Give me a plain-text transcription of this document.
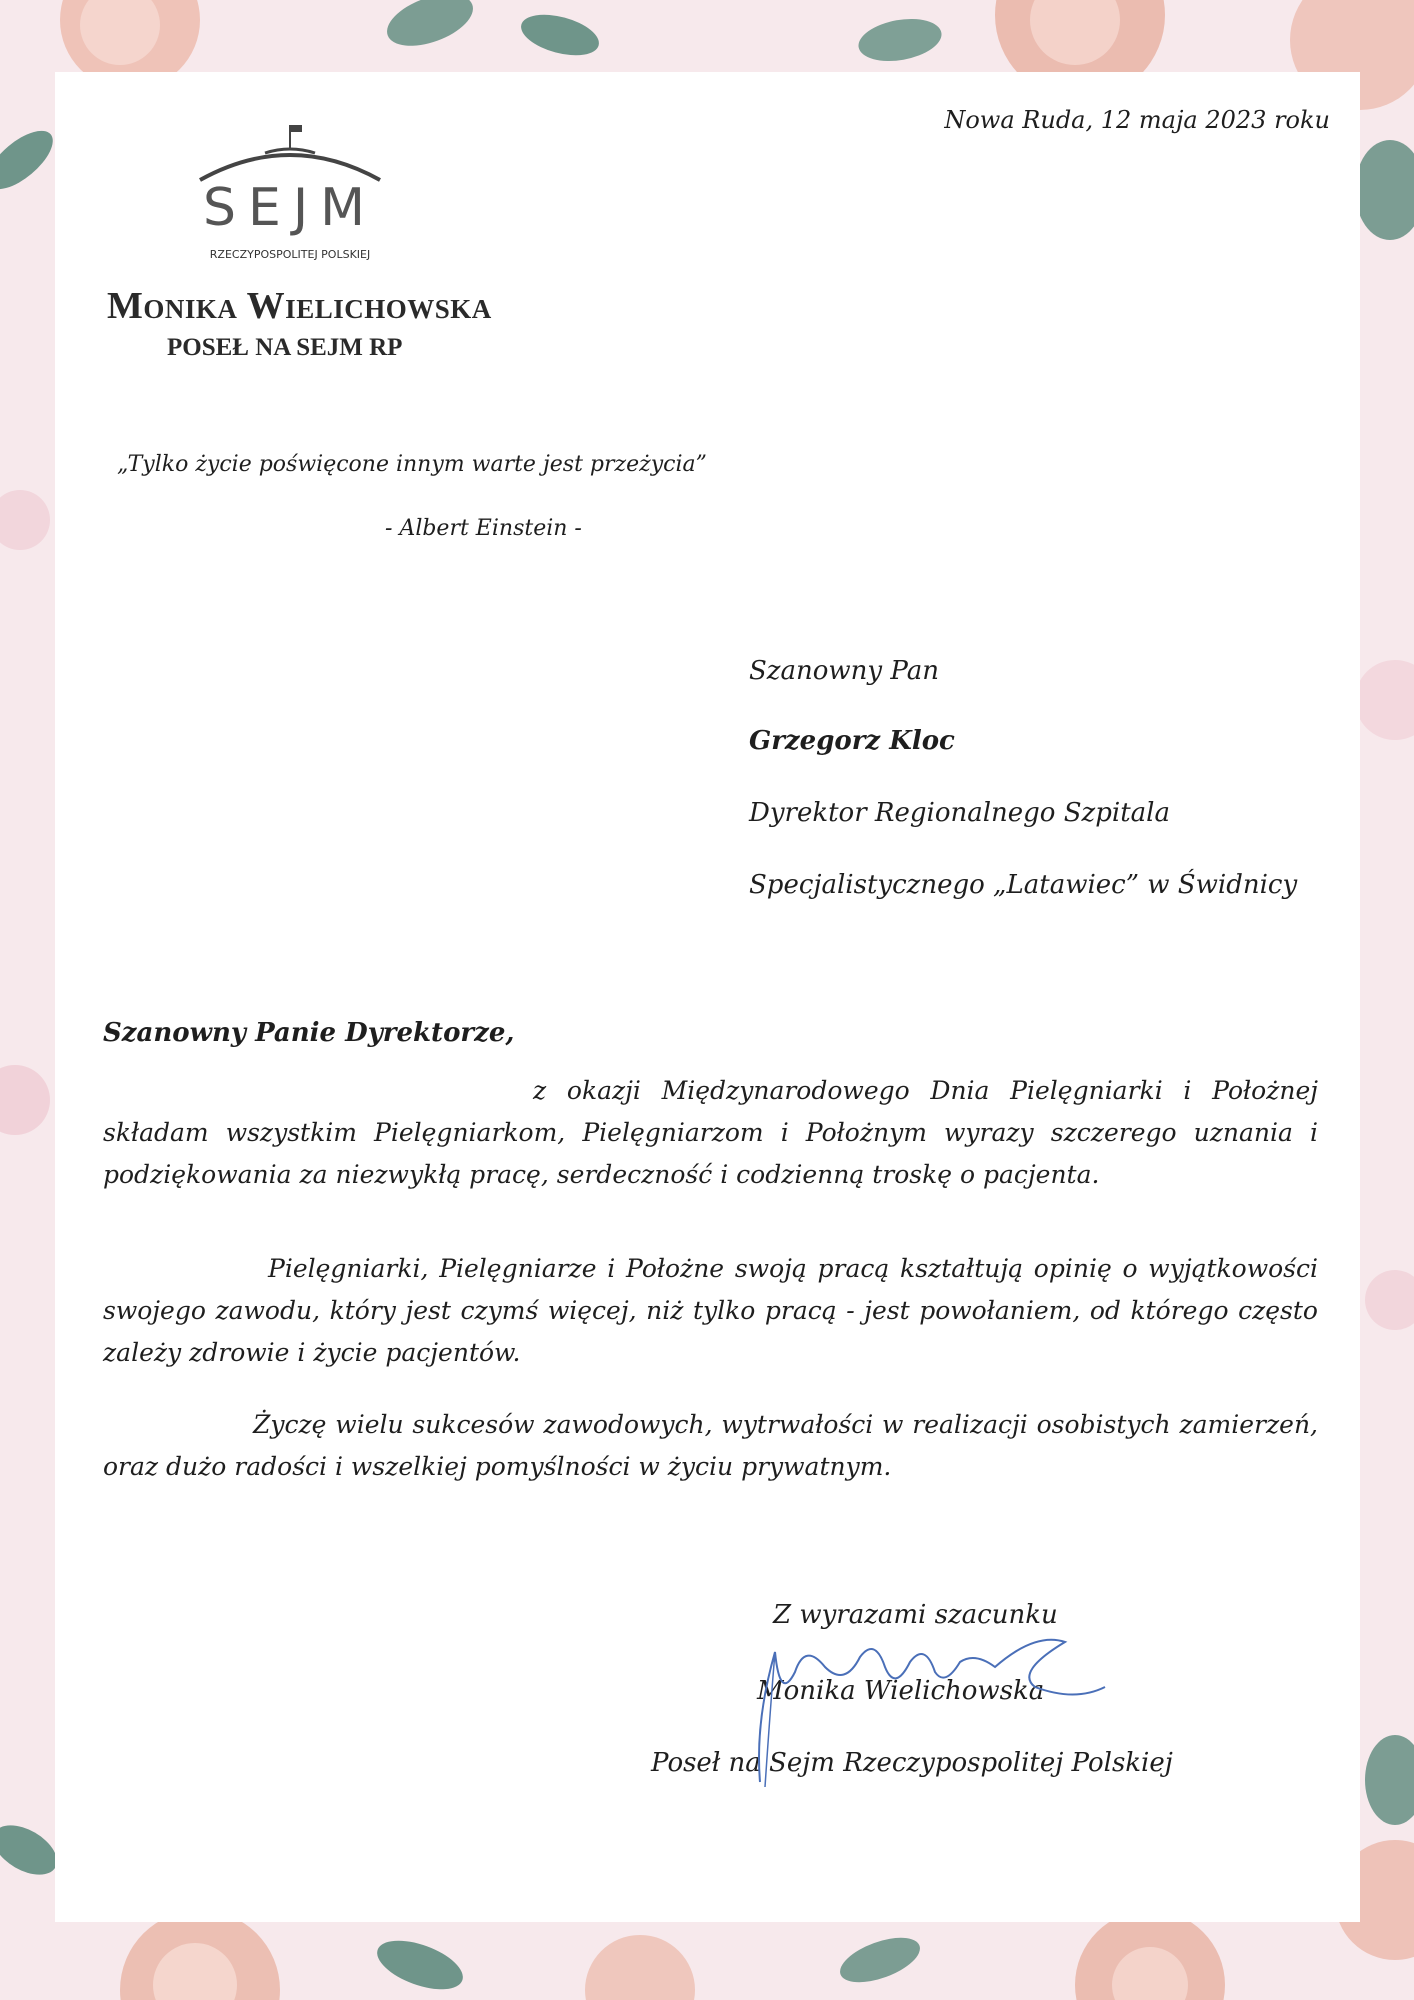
Nowa Ruda, 12 maja 2023 roku
SEJM
RZECZYPOSPOLITEJ POLSKIEJ
Monika Wielichowska
POSEŁ NA SEJM RP
„Tylko życie poświęcone innym warte jest przeżycia”
- Albert Einstein -
Szanowny Pan
Grzegorz Kloc
Dyrektor Regionalnego Szpitala
Specjalistycznego „Latawiec” w Świdnicy
Szanowny Panie Dyrektorze,

z okazji Międzynarodowego Dnia Pielęgniarki i Położnej składam wszystkim Pielęgniarkom, Pielęgniarzom i Położnym wyrazy szczerego uznania i podziękowania za niezwykłą pracę, serdeczność i codzienną troskę o pacjenta.

Pielęgniarki, Pielęgniarze i Położne swoją pracą kształtują opinię o wyjątkowości swojego zawodu, który jest czymś więcej, niż tylko pracą - jest powołaniem, od którego często zależy zdrowie i życie pacjentów.

Życzę wielu sukcesów zawodowych, wytrwałości w realizacji osobistych zamierzeń, oraz dużo radości i wszelkiej pomyślności w życiu prywatnym.

Z wyrazami szacunku
Monika Wielichowska
Poseł na Sejm Rzeczypospolitej Polskiej
